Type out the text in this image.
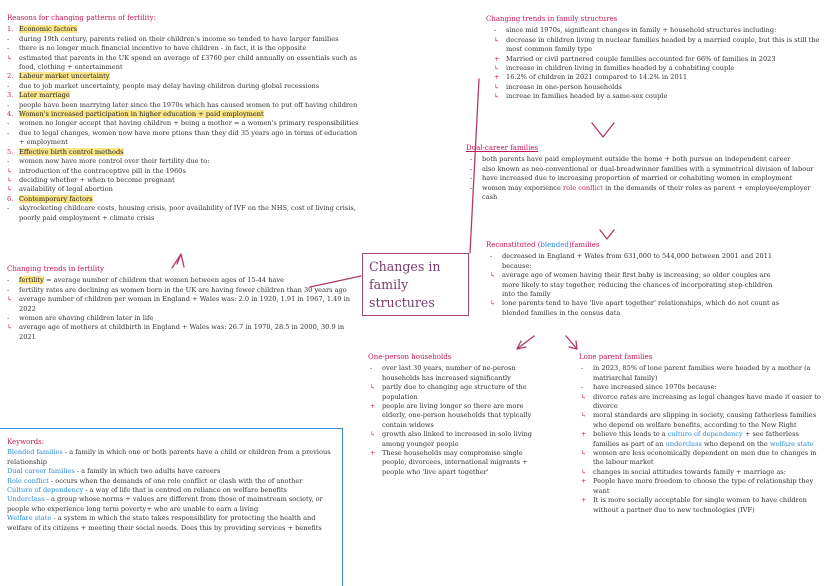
Reasons for changing patterns of fertility:
1. Economic factors
-	during 19th century, parents relied on their children's income so tended to have larger families
-	there is no longer much financial incentive to have children - in fact, it is the opposite
↳ estimated that parents in the UK spend an average of £3760 per child annually on essentials such as food, clothing + entertainment
2. Labour market uncertainty
-	due to job market uncertainty, people may delay having children during global recessions
3. Later marriage
-	people have been marrying later since the 1970s which has caused women to put off having children
4. Women's increased participation in higher education + paid employment
-	women no longer accept that having children + being a mother = a women's primary responsibilities
-	due to legal changes, women now have more ptions than they did 35 years ago in terms of education + employment
5. Effective birth control methods
-	women now have more control over their fertility due to:
↳ introduction of the contraceptive pill in the 1960s
↳ deciding whether + when to become pregnant
↳ availability of legal abortion
6. Contemporary factors
-	skyrocketing childcare costs, housing crisis, poor availability of IVF on the NHS, cost of living crisis, poorly paid employment + climate crisis
Changing trends in fertility
-	fertility = average number of children that women between ages of 15-44 have
-	fertility rates are declining as women born in the UK are having fewer children than 30 years ago
↳ average number of children per woman in England + Wales was: 2.0 in 1920, 1.91 in 1967, 1.49 in 2022
-	women are ehaving children later in life
↳ average age of mothers at childbirth in England + Wales was: 26.7 in 1970, 28.5 in 2000, 30.9 in 2021
Changes in family structures
Changing trends in family structures
-	since mid 1970s, significant changes in family + household structures including:
↳ decrease in children living in nuclear families headed by a married couple, but this is still the most common family type
+ Married or civil partnered couple families accounted for 66% of families in 2023
↳ increase in children living in families headed by a cohabiting couple
+ 16.2% of children in 2021 compared to 14.2% in 2011
↳ increase in one-person households
↳ increae in families headed by a same-sex couple
Dual-career families
-	both parents have paid employment outside the home + both pursue an independent career
-	also known as neo-conventional or dual-breadwinner families with a symmetrical division of labour
-	have increased due to increasing proportion of married or cohabiting women in employment
-	women may experience role conflict in the demands of their roles as parent + employee/employer cash
Reconstituted (blended)families
-	decreased in England + Wales from 631,000 to 544,000 between 2001 and 2011 because:
↳ average age of women having their first baby is increasing, so older couples are more likely to stay together, reducing the chances of incorporating step-children into the family
↳ lone parents tend to have 'live apart together' relationships, which do not count as blended families in the census data
One-person households
-	over last 30 years, number of ne-perosn households has increased significantly
↳ partly due to changing age structure of the population
+ people are living longer so there are more elderly, one-person households that typically contain widows
↳ growth also linked to increased in solo living among younger people
+ These households may compromise single people, divorcees, international migrants + people who 'live apart together'
Lone parent families
-	in 2023, 85% of lone parent families were headed by a mother (a matriarchal family)
-	have increased since 1970s because:
↳ divorce rates are increasing as legal changes have made it easier to divorce
↳ moral standards are slipping in society, causing fatherless families who depend on welfare benefits, according to the New Right
+ believe this leads to a culture of dependency + see fatherless families as part of an underclass who depend on the welfare state
↳ women are less economically dependent on men due to changes in the labour market
↳ changes in social attitudes towards family + marriage as:
+ People have more freedom to choose the type of relationship they want
+ It is more socially acceptable for single women to have children without a partner due to new technologies (IVF)
Keywords:
Blended families - a family in which one or both parents have a child or children from a previous relationship
Dual career families - a family in which two adults have careers
Role conflict - occurs when the demands of one role conflict or clash with the of another
Culture of dependency - a way of life that is centred on reliance on welfare benefits
Underclass - a group whose norms + values are different from those of mainstream society, or people who experience long term poverty+ who are unable to earn a living
Welfare state - a system in which the state takes responsibility for protecting the health and welfare of its citizens + meeting their social needs. Does this by providing services + benefits
